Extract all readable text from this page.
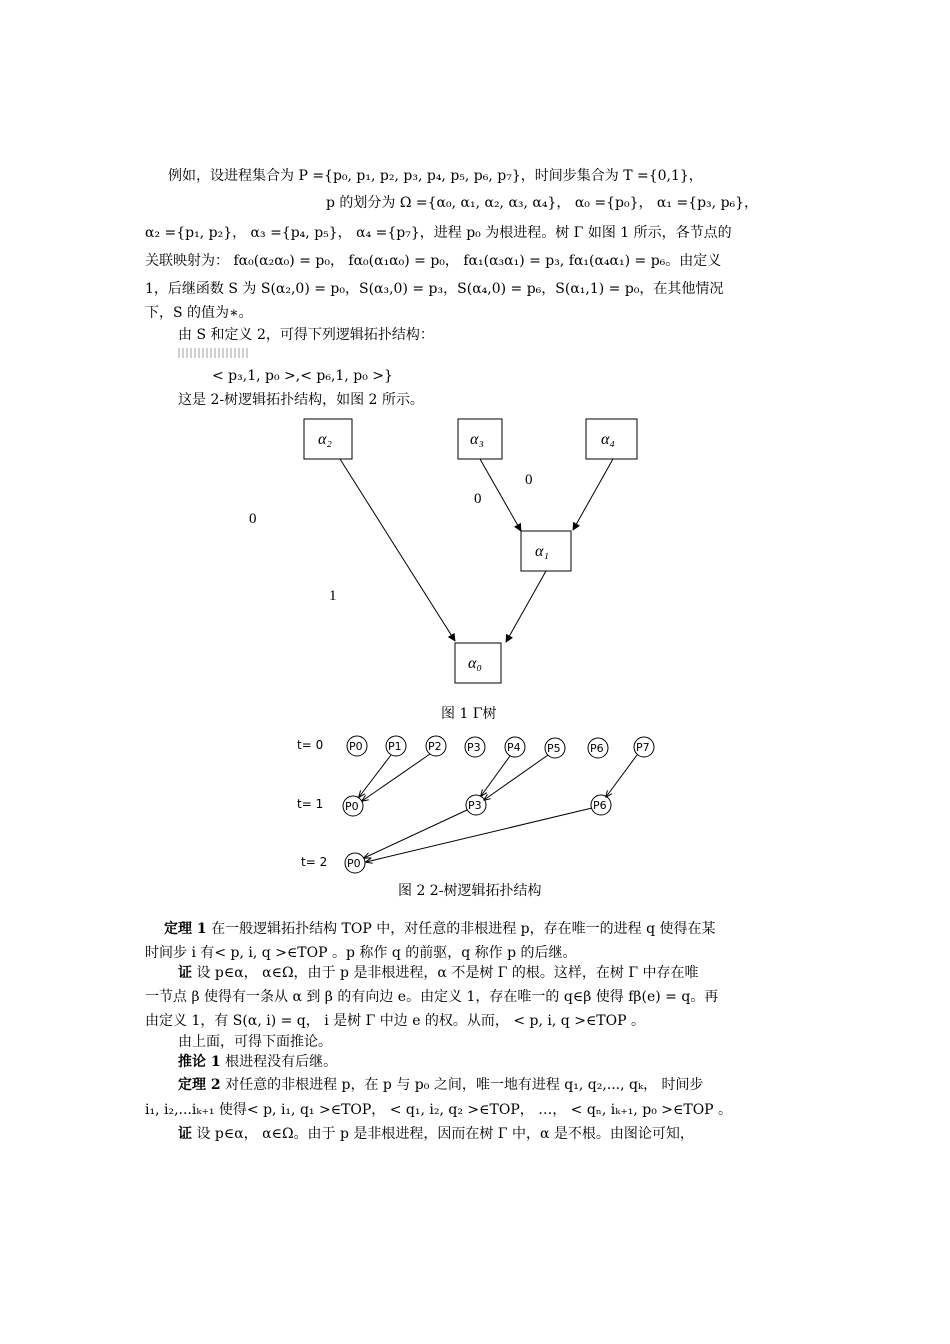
例如，设进程集合为 P ={p₀, p₁, p₂, p₃, p₄, p₅, p₆, p₇}，时间步集合为 T ={0,1}，
p 的划分为 Ω ={α₀, α₁, α₂, α₃, α₄}， α₀ ={p₀}， α₁ ={p₃, p₆}，
α₂ ={p₁, p₂}， α₃ ={p₄, p₅}， α₄ ={p₇}，进程 p₀ 为根进程。树 Γ 如图 1 所示，各节点的
关联映射为： fα₀(α₂α₀) = p₀， fα₀(α₁α₀) = p₀， fα₁(α₃α₁) = p₃, fα₁(α₄α₁) = p₆。由定义
1，后继函数 S 为 S(α₂,0) = p₀，S(α₃,0) = p₃，S(α₄,0) = p₆，S(α₁,1) = p₀，在其他情况
下，S 的值为∗。
由 S 和定义 2，可得下列逻辑拓扑结构：
< p₃,1, p₀ >,< p₆,1, p₀ >}
这是 2-树逻辑拓扑结构，如图 2 所示。
α₂	α₃	α₄
α₁
α₀
0
0
0
1
t= 0
t= 1
t= 2
P0 P1 P2 P3 P4 P5	P6	P7
P0	P3	P6
P0
图 1 Γ树
图 2 2-树逻辑拓扑结构
定理 1 在一般逻辑拓扑结构 TOP 中，对任意的非根进程 p，存在唯一的进程 q 使得在某
时间步 i 有< p, i, q >∈TOP 。p 称作 q 的前驱，q 称作 p 的后继。
证 设 p∈α， α∈Ω，由于 p 是非根进程，α 不是树 Γ 的根。这样，在树 Γ 中存在唯
一节点 β 使得有一条从 α 到 β 的有向边 e。由定义 1，存在唯一的 q∈β 使得 fβ(e) = q。再
由定义 1，有 S(α, i) = q， i 是树 Γ 中边 e 的权。从而， < p, i, q >∈TOP 。
由上面，可得下面推论。
推论 1 根进程没有后继。
定理 2 对任意的非根进程 p，在 p 与 p₀ 之间，唯一地有进程 q₁, q₂,..., qₖ， 时间步
i₁, i₂,...iₖ₊₁ 使得< p, i₁, q₁ >∈TOP， < q₁, i₂, q₂ >∈TOP， …， < qₙ, iₖ₊₁, p₀ >∈TOP 。
证 设 p∈α， α∈Ω。由于 p 是非根进程，因而在树 Γ 中，α 是不根。由图论可知，
